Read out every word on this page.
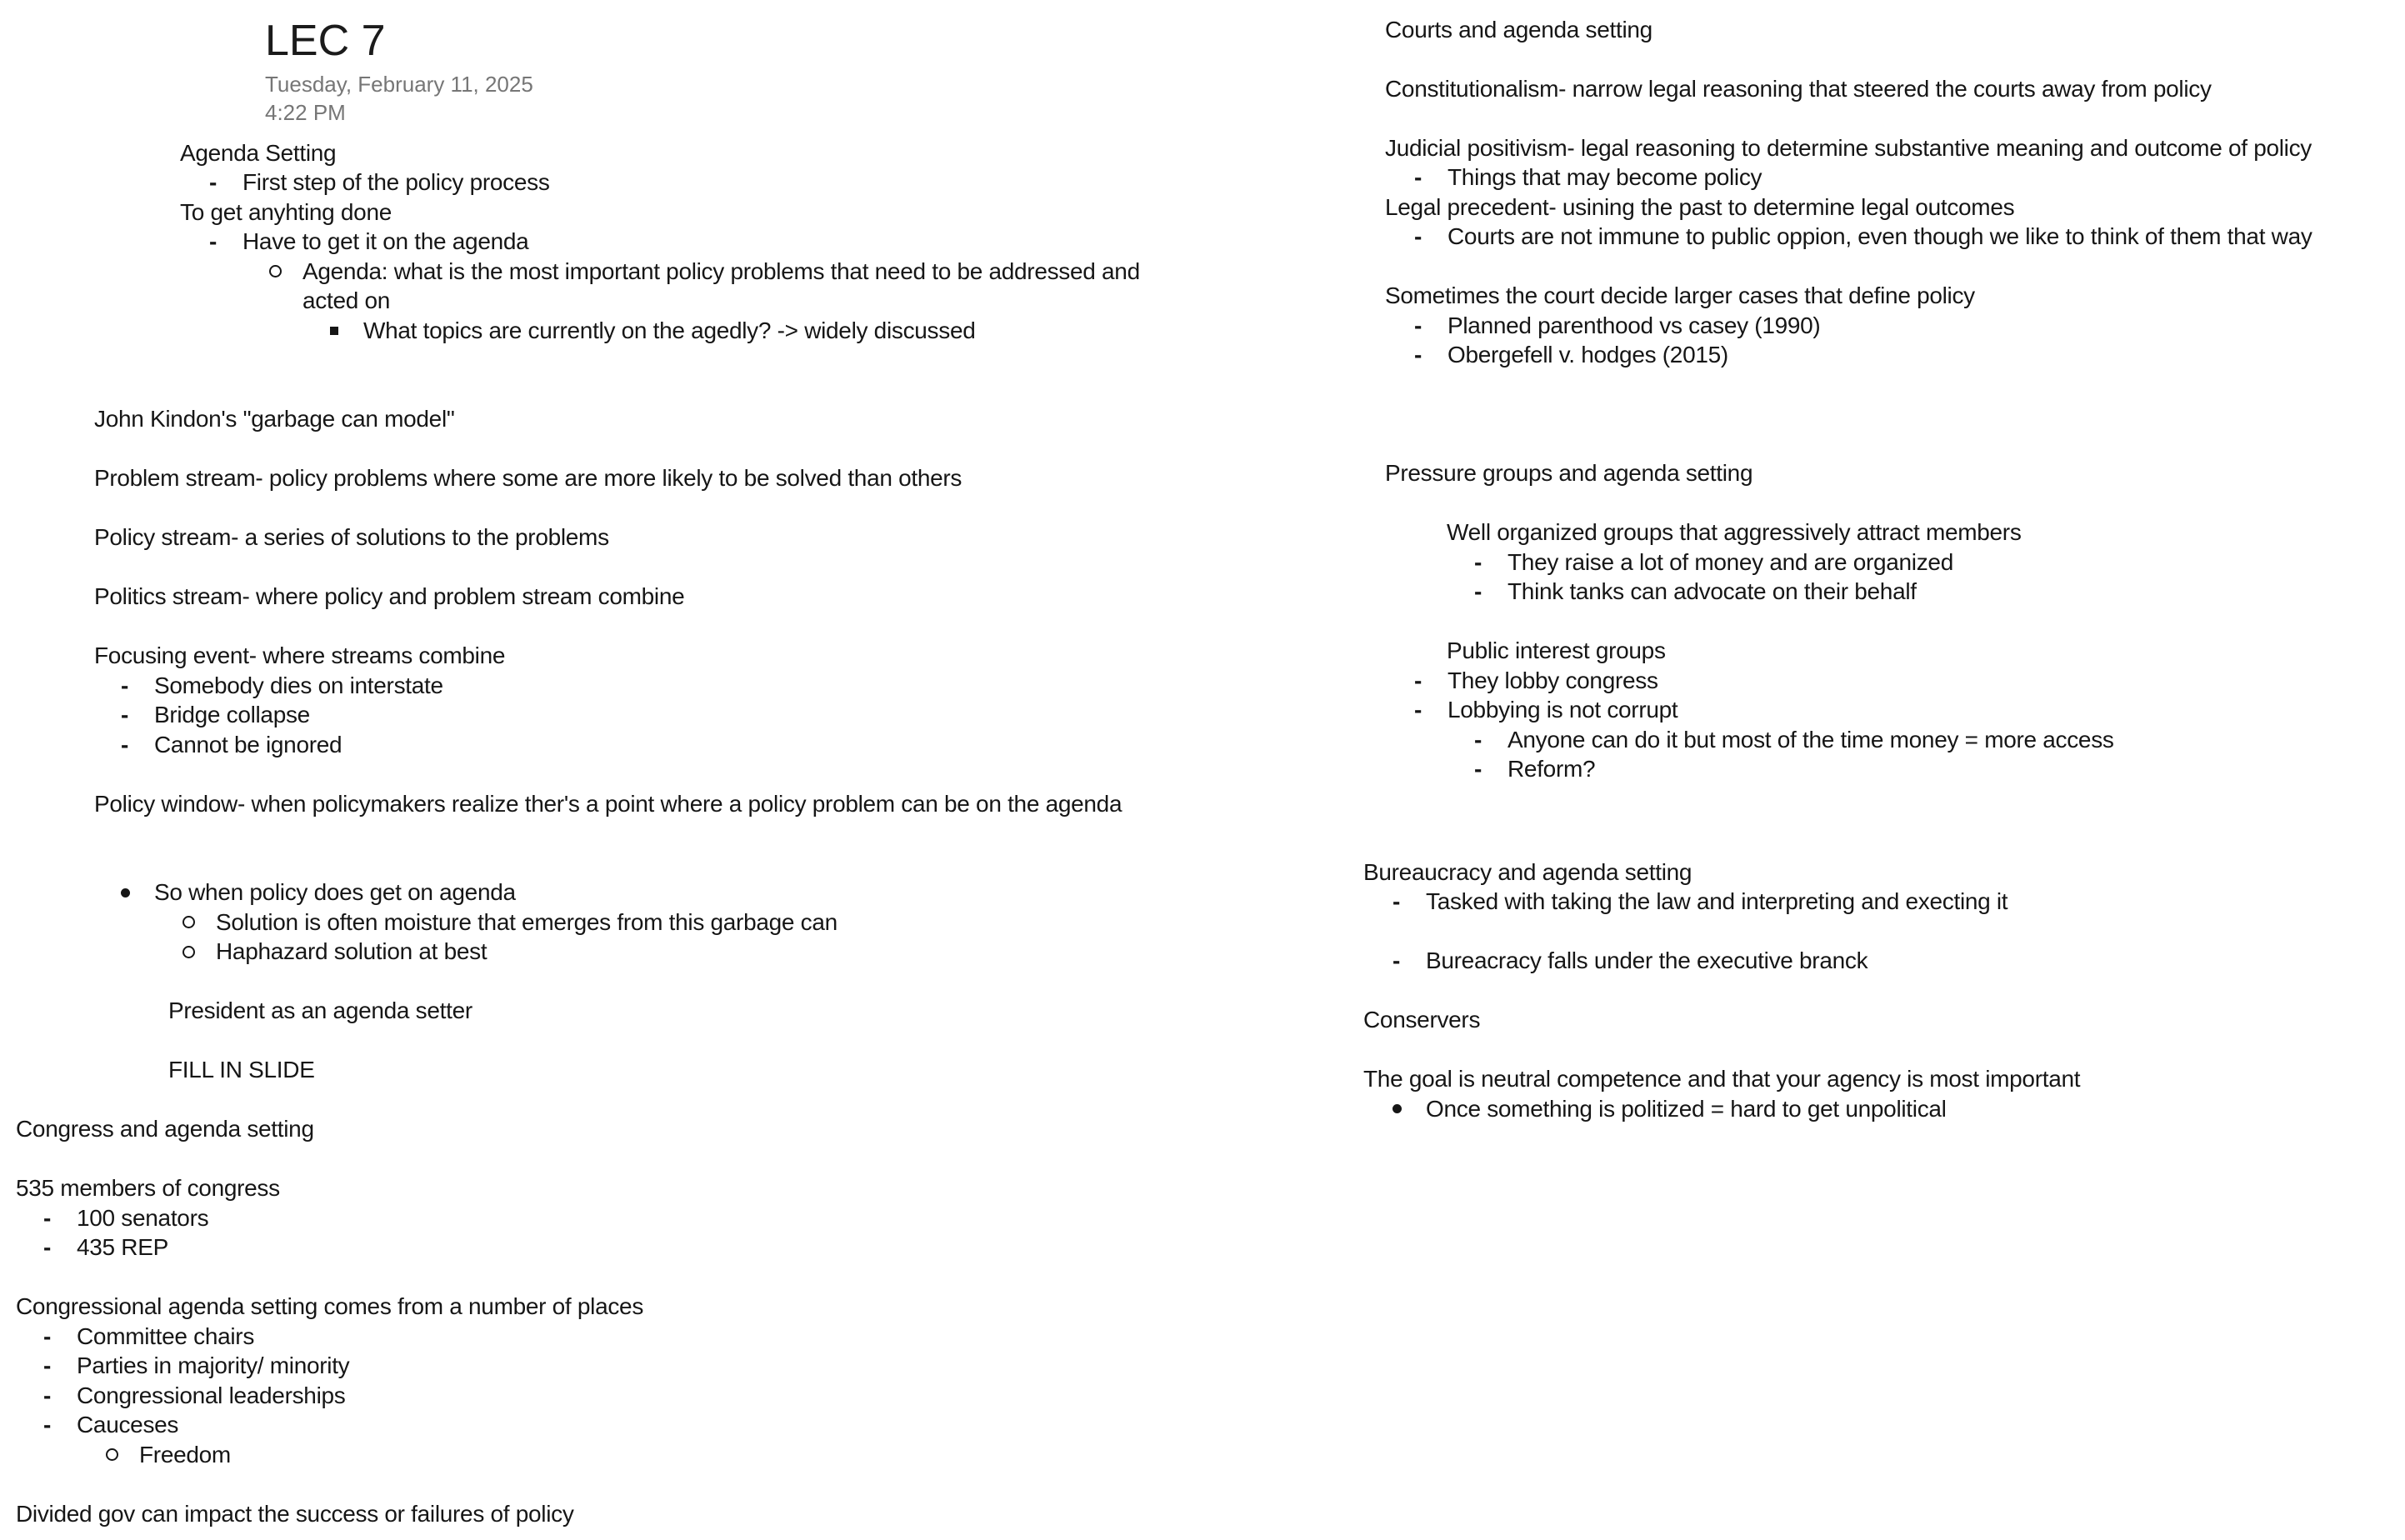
LEC 7
Tuesday, February 11, 2025
4:22 PM
Agenda Setting
-	First step of the policy process
To get anyhting done
-	Have to get it on the agenda
Agenda: what is the most important policy problems that need to be addressed and
acted on
What topics are currently on the agedly? -> widely discussed
John Kindon's "garbage can model"
Problem stream- policy problems where some are more likely to be solved than others
Policy stream- a series of solutions to the problems
Politics stream- where policy and problem stream combine
Focusing event- where streams combine
-	Somebody dies on interstate
-	Bridge collapse
-	Cannot be ignored
Policy window- when policymakers realize ther's a point where a policy problem can be on the agenda
So when policy does get on agenda
Solution is often moisture that emerges from this garbage can
Haphazard solution at best
President as an agenda setter
FILL IN SLIDE
Congress and agenda setting
535 members of congress
-	100 senators
-	435 REP
Congressional agenda setting comes from a number of places
-	Committee chairs
-	Parties in majority/ minority
-	Congressional leaderships
-	Cauceses
Freedom
Divided gov can impact the success or failures of policy
Courts and agenda setting
Constitutionalism- narrow legal reasoning that steered the courts away from policy
Judicial positivism- legal reasoning to determine substantive meaning and outcome of policy
-	Things that may become policy
Legal precedent- usining the past to determine legal outcomes
-	Courts are not immune to public oppion, even though we like to think of them that way
Sometimes the court decide larger cases that define policy
-	Planned parenthood vs casey (1990)
-	Obergefell v. hodges (2015)
Pressure groups and agenda setting
Well organized groups that aggressively attract members
-	They raise a lot of money and are organized
-	Think tanks can advocate on their behalf
Public interest groups
-	They lobby congress
-	Lobbying is not corrupt
-	Anyone can do it but most of the time money = more access
-	Reform?
Bureaucracy and agenda setting
-	Tasked with taking the law and interpreting and execting it
-	Bureacracy falls under the executive branck
Conservers
The goal is neutral competence and that your agency is most important
Once something is politized = hard to get unpolitical
